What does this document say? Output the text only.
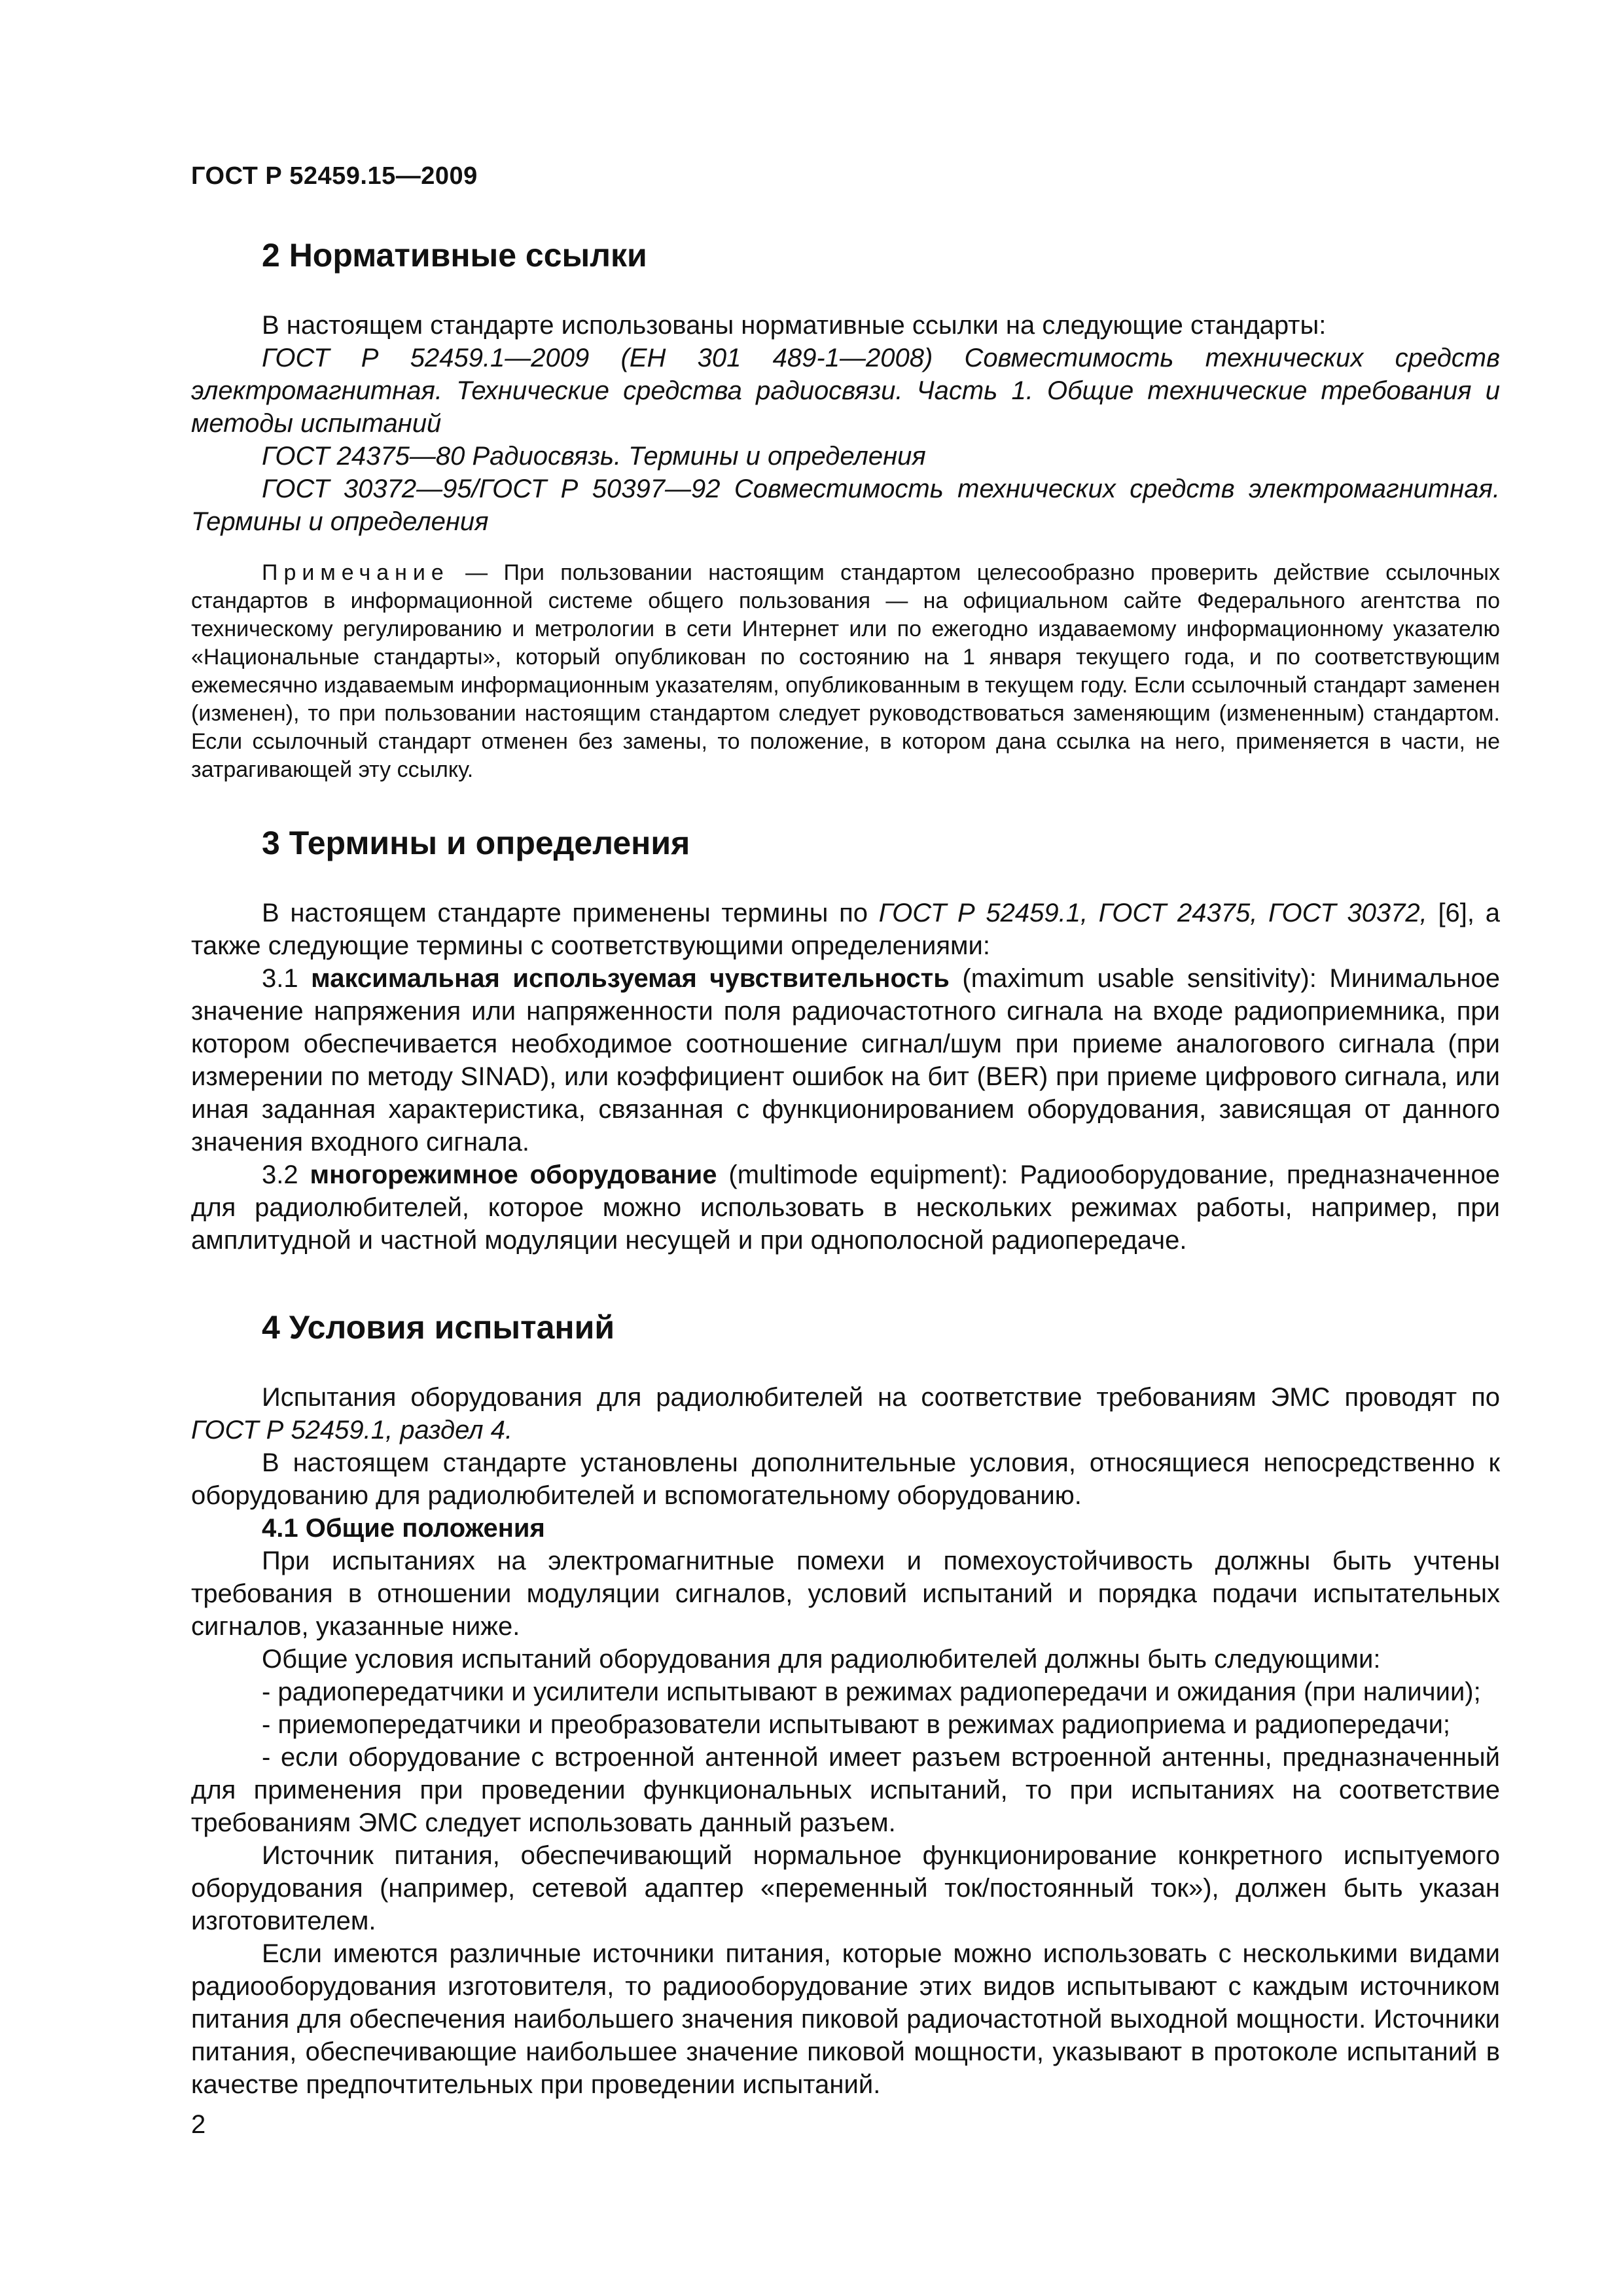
ГОСТ Р 52459.15—2009
2 Нормативные ссылки

В настоящем стандарте использованы нормативные ссылки на следующие стандарты:

ГОСТ Р 52459.1—2009 (ЕН 301 489-1—2008) Совместимость технических средств электромагнитная. Технические средства радиосвязи. Часть 1. Общие технические требования и методы испытаний

ГОСТ 24375—80 Радиосвязь. Термины и определения

ГОСТ 30372—95/ГОСТ Р 50397—92 Совместимость технических средств электромагнитная. Термины и определения

Примечание — При пользовании настоящим стандартом целесообразно проверить действие ссылочных стандартов в информационной системе общего пользования — на официальном сайте Федерального агентства по техническому регулированию и метрологии в сети Интернет или по ежегодно издаваемому информационному указателю «Национальные стандарты», который опубликован по состоянию на 1 января текущего года, и по соответствующим ежемесячно издаваемым информационным указателям, опубликованным в текущем году. Если ссылочный стандарт заменен (изменен), то при пользовании настоящим стандартом следует руководствоваться заменяющим (измененным) стандартом. Если ссылочный стандарт отменен без замены, то положение, в котором дана ссылка на него, применяется в части, не затрагивающей эту ссылку.

3 Термины и определения

В настоящем стандарте применены термины по ГОСТ Р 52459.1, ГОСТ 24375, ГОСТ 30372, [6], а также следующие термины с соответствующими определениями:

3.1 максимальная используемая чувствительность (maximum usable sensitivity): Минимальное значение напряжения или напряженности поля радиочастотного сигнала на входе радиоприемника, при котором обеспечивается необходимое соотношение сигнал/шум при приеме аналогового сигнала (при измерении по методу SINAD), или коэффициент ошибок на бит (BER) при приеме цифрового сигнала, или иная заданная характеристика, связанная с функционированием оборудования, зависящая от данного значения входного сигнала.

3.2 многорежимное оборудование (multimode equipment): Радиооборудование, предназначенное для радиолюбителей, которое можно использовать в нескольких режимах работы, например, при амплитудной и частной модуляции несущей и при однополосной радиопередаче.

4 Условия испытаний

Испытания оборудования для радиолюбителей на соответствие требованиям ЭМС проводят по ГОСТ Р 52459.1, раздел 4.

В настоящем стандарте установлены дополнительные условия, относящиеся непосредственно к оборудованию для радиолюбителей и вспомогательному оборудованию.

4.1 Общие положения

При испытаниях на электромагнитные помехи и помехоустойчивость должны быть учтены требования в отношении модуляции сигналов, условий испытаний и порядка подачи испытательных сигналов, указанные ниже.

Общие условия испытаний оборудования для радиолюбителей должны быть следующими:

- радиопередатчики и усилители испытывают в режимах радиопередачи и ожидания (при наличии);

- приемопередатчики и преобразователи испытывают в режимах радиоприема и радиопередачи;

- если оборудование с встроенной антенной имеет разъем встроенной антенны, предназначенный для применения при проведении функциональных испытаний, то при испытаниях на соответствие требованиям ЭМС следует использовать данный разъем.

Источник питания, обеспечивающий нормальное функционирование конкретного испытуемого оборудования (например, сетевой адаптер «переменный ток/постоянный ток»), должен быть указан изготовителем.

Если имеются различные источники питания, которые можно использовать с несколькими видами радиооборудования изготовителя, то радиооборудование этих видов испытывают с каждым источником питания для обеспечения наибольшего значения пиковой радиочастотной выходной мощности. Источники питания, обеспечивающие наибольшее значение пиковой мощности, указывают в протоколе испытаний в качестве предпочтительных при проведении испытаний.

2
